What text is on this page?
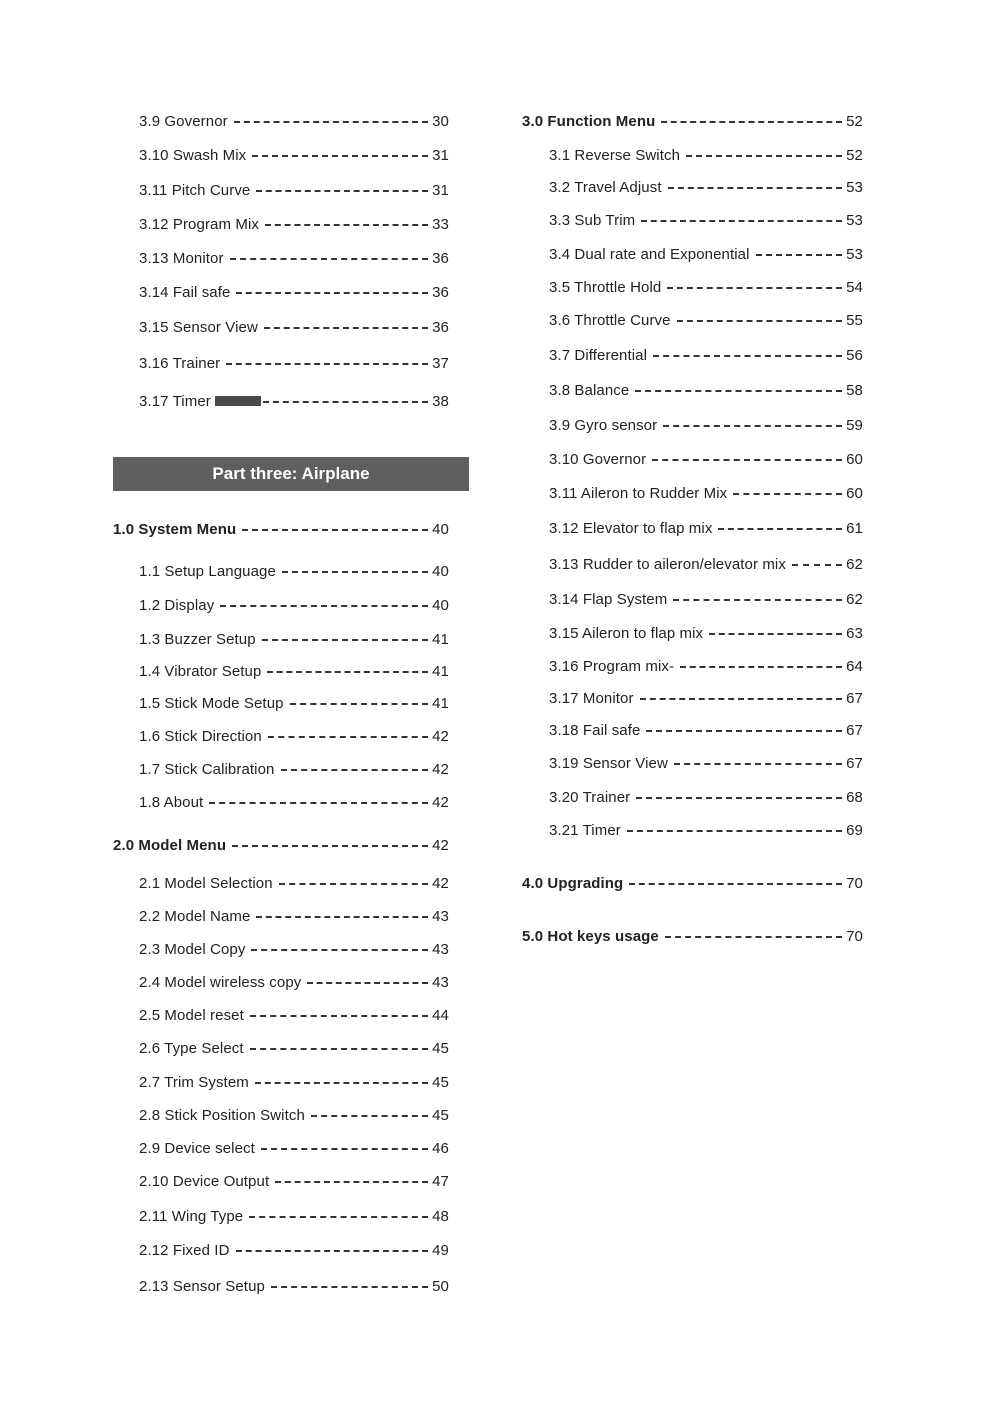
3.9 Governor	30
3.10 Swash Mix	31
3.11 Pitch Curve	31
3.12 Program Mix	33
3.13 Monitor	36
3.14 Fail safe	36
3.15 Sensor View	36
3.16 Trainer	37
3.17 Timer	38
Part three: Airplane
1.0 System Menu	40
1.1 Setup Language	40
1.2 Display	40
1.3 Buzzer Setup	41
1.4 Vibrator Setup	41
1.5 Stick Mode Setup	41
1.6 Stick Direction	42
1.7 Stick Calibration	42
1.8 About	42
2.0 Model Menu	42
2.1 Model Selection	42
2.2 Model Name	43
2.3 Model Copy	43
2.4 Model wireless copy	43
2.5 Model reset	44
2.6 Type Select	45
2.7 Trim System	45
2.8 Stick Position Switch	45
2.9 Device select	46
2.10 Device Output	47
2.11 Wing Type	48
2.12 Fixed ID	49
2.13 Sensor Setup	50
3.0 Function Menu	52
3.1 Reverse Switch	52
3.2 Travel Adjust	53
3.3 Sub Trim	53
3.4 Dual rate and Exponential	53
3.5 Throttle Hold	54
3.6 Throttle Curve	55
3.7 Differential	56
3.8 Balance	58
3.9 Gyro sensor	59
3.10 Governor	60
3.11 Aileron to Rudder Mix	60
3.12 Elevator to flap mix	61
3.13 Rudder to aileron/elevator mix	62
3.14 Flap System	62
3.15 Aileron to flap mix	63
3.16 Program mix-	64
3.17 Monitor	67
3.18 Fail safe	67
3.19 Sensor View	67
3.20 Trainer	68
3.21 Timer	69
4.0 Upgrading	70
5.0 Hot keys usage	70
